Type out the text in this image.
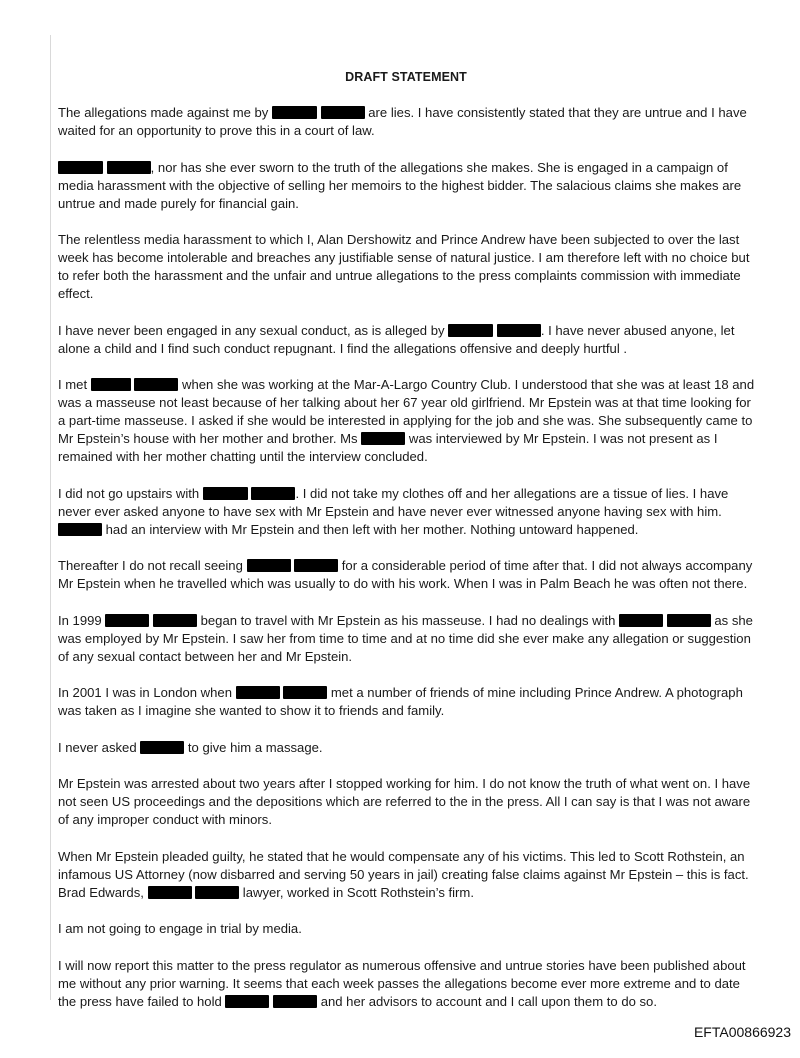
DRAFT STATEMENT

The allegations made against me by	are lies. I have consistently stated that they are untrue and I have waited for an opportunity to prove this in a court of law.

, nor has she ever sworn to the truth of the allegations she makes. She is engaged in a campaign of media harassment with the objective of selling her memoirs to the highest bidder. The salacious claims she makes are untrue and made purely for financial gain.

The relentless media harassment to which I, Alan Dershowitz and Prince Andrew have been subjected to over the last week has become intolerable and breaches any justifiable sense of natural justice. I am therefore left with no choice but to refer both the harassment and the unfair and untrue allegations to the press complaints commission with immediate effect.

I have never been engaged in any sexual conduct, as is alleged by	. I have never abused anyone, let alone a child and I find such conduct repugnant. I find the allegations offensive and deeply hurtful .

I met	when she was working at the Mar-A-Largo Country Club. I understood that she was at least 18 and was a masseuse not least because of her talking about her 67 year old girlfriend. Mr Epstein was at that time looking for a part-time masseuse. I asked if she would be interested in applying for the job and she was. She subsequently came to Mr Epstein’s house with her mother and brother. Ms	was interviewed by Mr Epstein. I was not present as I remained with her mother chatting until the interview concluded.

I did not go upstairs with	. I did not take my clothes off and her allegations are a tissue of lies. I have never ever asked anyone to have sex with Mr Epstein and have never ever witnessed anyone having sex with him.  had an interview with Mr Epstein and then left with her mother. Nothing untoward happened.

Thereafter I do not recall seeing	for a considerable period of time after that. I did not always accompany Mr Epstein when he travelled which was usually to do with his work. When I was in Palm Beach he was often not there.

In 1999	began to travel with Mr Epstein as his masseuse. I had no dealings with	as she was employed by Mr Epstein. I saw her from time to time and at no time did she ever make any allegation or suggestion of any sexual contact between her and Mr Epstein.

In 2001 I was in London when	met a number of friends of mine including Prince Andrew. A photograph was taken as I imagine she wanted to show it to friends and family.

I never asked	to give him a massage.

Mr Epstein was arrested about two years after I stopped working for him. I do not know the truth of what went on. I have not seen US proceedings and the depositions which are referred to the in the press. All I can say is that I was not aware of any improper conduct with minors.

When Mr Epstein pleaded guilty, he stated that he would compensate any of his victims. This led to Scott Rothstein, an infamous US Attorney (now disbarred and serving 50 years in jail) creating false claims against Mr Epstein – this is fact. Brad Edwards,	lawyer, worked in Scott Rothstein’s firm.

I am not going to engage in trial by media.

I will now report this matter to the press regulator as numerous offensive and untrue stories have been published about me without any prior warning. It seems that each week passes the allegations become ever more extreme and to date the press have failed to hold	and her advisors to account and I call upon them to do so.

EFTA00866923
